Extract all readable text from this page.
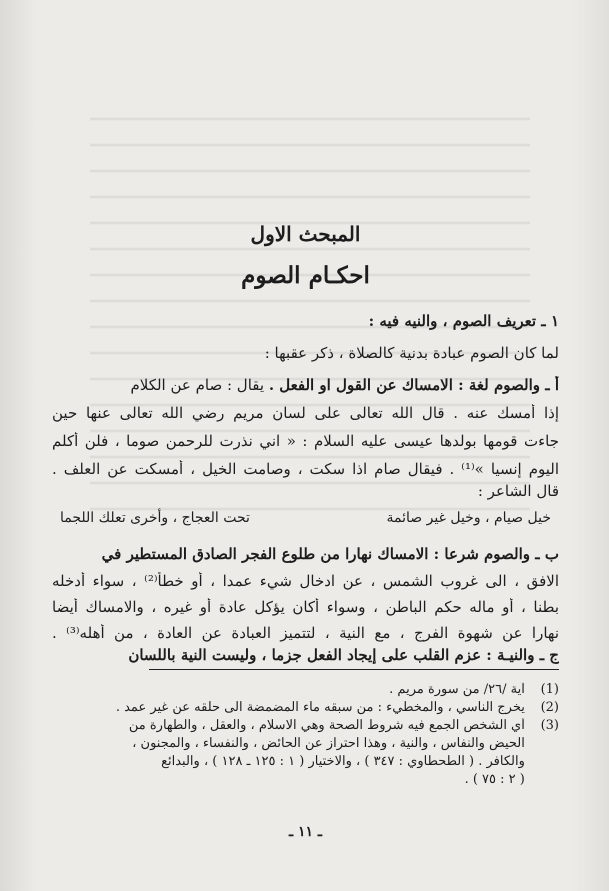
المبحث الاول
احكـام الصوم
١ ـ تعريف الصوم ، والنيه فيه :
لما كان الصوم عبادة بدنية كالصلاة ، ذكر عقبها :
أ ـ والصوم لغة : الامساك عن القول او الفعل . يقال : صام عن الكلام
إذا أمسك عنه . قال الله تعالى على لسان مريم رضي الله تعالى عنها حين
جاءت قومها بولدها عيسى عليه السلام : « اني نذرت للرحمن صوما ، فلن أكلم
اليوم إنسيا »⁽¹⁾ . فيقال صام اذا سكت ، وصامت الخيل ، أمسكت عن العلف .
قال الشاعر :
خيل صيام ، وخيل غير صائمة
تحت العجاج ، وأخرى تعلك اللجما
ب ـ والصوم شرعا : الامساك نهارا من طلوع الفجر الصادق المستطير في
الافق ، الى غروب الشمس ، عن ادخال شيء عمدا ، أو خطأ⁽²⁾ ، سواء أدخله
بطنا ، أو ماله حكم الباطن ، وسواء أكان يؤكل عادة أو غيره ، والامساك أيضا
نهارا عن شهوة الفرج ، مع النية ، لتتميز العبادة عن العادة ، من أهله⁽³⁾ .
ج ـ والنيـة : عزم القلب على إيجاد الفعل جزما ، وليست النية باللسان
(1) آية /٢٦/ من سورة مريم .
(2) يخرج الناسي ، والمخطيء : من سبقه ماء المضمضة الى حلقه عن غير عمد .
(3) أي الشخص الجمع فيه شروط الصحة وهي الاسلام ، والعقل ، والطهارة من
الحيض والنفاس ، والنية ، وهذا احتراز عن الحائض ، والنفساء ، والمجنون ،
والكافر . ( الطحطاوي : ٣٤٧ ) ، والاختيار ( ١ : ١٢٥ ـ ١٢٨ ) ، والبدائع
( ٢ : ٧٥ ) .
ـ ١١ ـ
